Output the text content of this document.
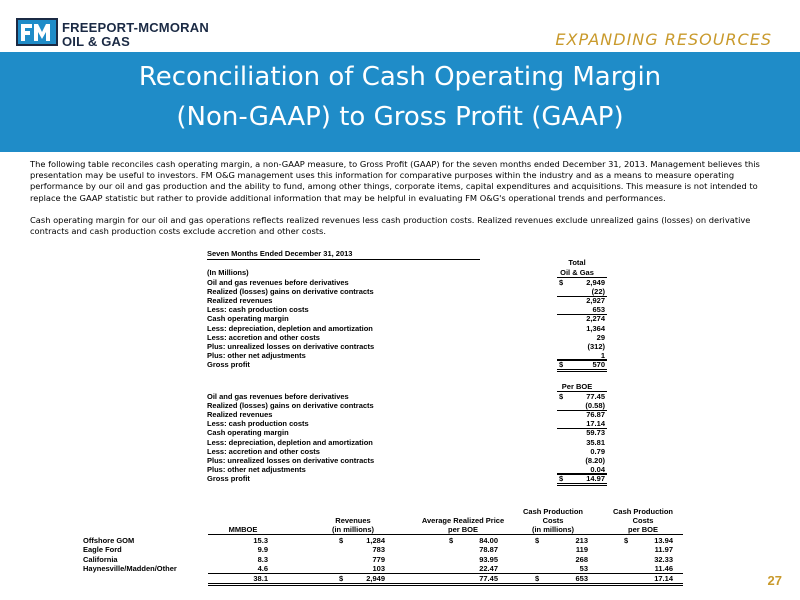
FREEPORT-MCMORAN
OIL & GAS	EXPANDING RESOURCES
Reconciliation of Cash Operating Margin
(Non-GAAP) to Gross Profit (GAAP)

The following table reconciles cash operating margin, a non-GAAP measure, to Gross Profit (GAAP) for the seven months ended December 31, 2013. Management believes this presentation may be useful to investors. FM O&G management uses this information for comparative purposes within the industry and as a means to measure operating performance by our oil and gas production and the ability to fund, among other things, corporate items, capital expenditures and acquisitions. This measure is not intended to replace the GAAP statistic but rather to provide additional information that may be helpful in evaluating FM O&G's operational trends and performances.

Cash operating margin for our oil and gas operations reflects realized revenues less cash production costs. Realized revenues exclude unrealized gains (losses) on derivative contracts and cash production costs exclude accretion and other costs.

Seven Months Ended December 31, 2013
Total
(In Millions)	Oil & Gas
Oil and gas revenues before derivatives	$	2,949
Realized (losses) gains on derivative contracts	(22)
Realized revenues	2,927
Less: cash production costs	653
Cash operating margin	2,274
Less: depreciation, depletion and amortization	1,364
Less: accretion and other costs	29
Plus: unrealized losses on derivative contracts	(312)
Plus: other net adjustments	1
Gross profit	$	570
Per BOE
Oil and gas revenues before derivatives	$	77.45
Realized (losses) gains on derivative contracts	(0.58)
Realized revenues	76.87
Less: cash production costs	17.14
Cash operating margin	59.73
Less: depreciation, depletion and amortization	35.81
Less: accretion and other costs	0.79
Plus: unrealized losses on derivative contracts	(8.20)
Plus: other net adjustments	0.04
Gross profit	$	14.97
Cash Production	Cash Production
Revenues	Average Realized Price	Costs	Costs
MMBOE	(in millions)	per BOE	(in millions)	per BOE
Offshore GOM	15.3	$	1,284	$	84.00	$	213	$	13.94
Eagle Ford	9.9	783	78.87	119	11.97
California	8.3	779	93.95	268	32.33
Haynesville/Madden/Other	4.6	103	22.47	53	11.46
38.1	$	2,949	77.45	$	653	17.14	27
